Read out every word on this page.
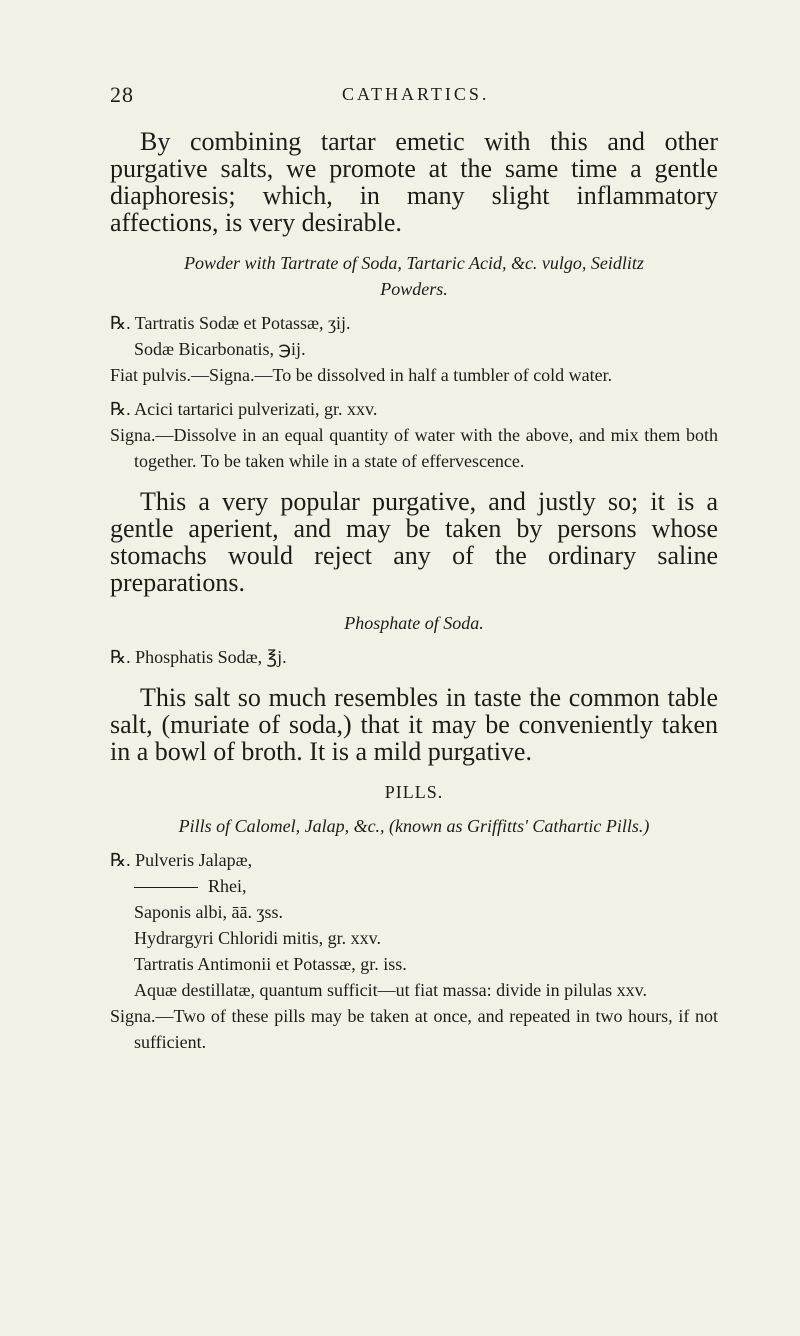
28	CATHARTICS.

By combining tartar emetic with this and other purgative salts, we promote at the same time a gentle diaphoresis; which, in many slight inflammatory affections, is very desirable.

Powder with Tartrate of Soda, Tartaric Acid, &c. vulgo, Seidlitz

Powders.

℞. Tartratis Sodæ et Potassæ, ʒij.

Sodæ Bicarbonatis, ℈ij.

Fiat pulvis.—Signa.—To be dissolved in half a tumbler of cold water.

℞. Acici tartarici pulverizati, gr. xxv.

Signa.—Dissolve in an equal quantity of water with the above, and mix them both together. To be taken while in a state of effervescence.

This a very popular purgative, and justly so; it is a gentle aperient, and may be taken by persons whose stomachs would reject any of the ordinary saline preparations.

Phosphate of Soda.

℞. Phosphatis Sodæ, ℥j.

This salt so much resembles in taste the common table salt, (muriate of soda,) that it may be conveniently taken in a bowl of broth. It is a mild purgative.

PILLS.

Pills of Calomel, Jalap, &c., (known as Griffitts' Cathartic Pills.)

℞. Pulveris Jalapæ,

Rhei,

Saponis albi, āā. ʒss.

Hydrargyri Chloridi mitis, gr. xxv.

Tartratis Antimonii et Potassæ, gr. iss.

Aquæ destillatæ, quantum sufficit—ut fiat massa: divide in pilulas xxv.

Signa.—Two of these pills may be taken at once, and repeated in two hours, if not sufficient.
